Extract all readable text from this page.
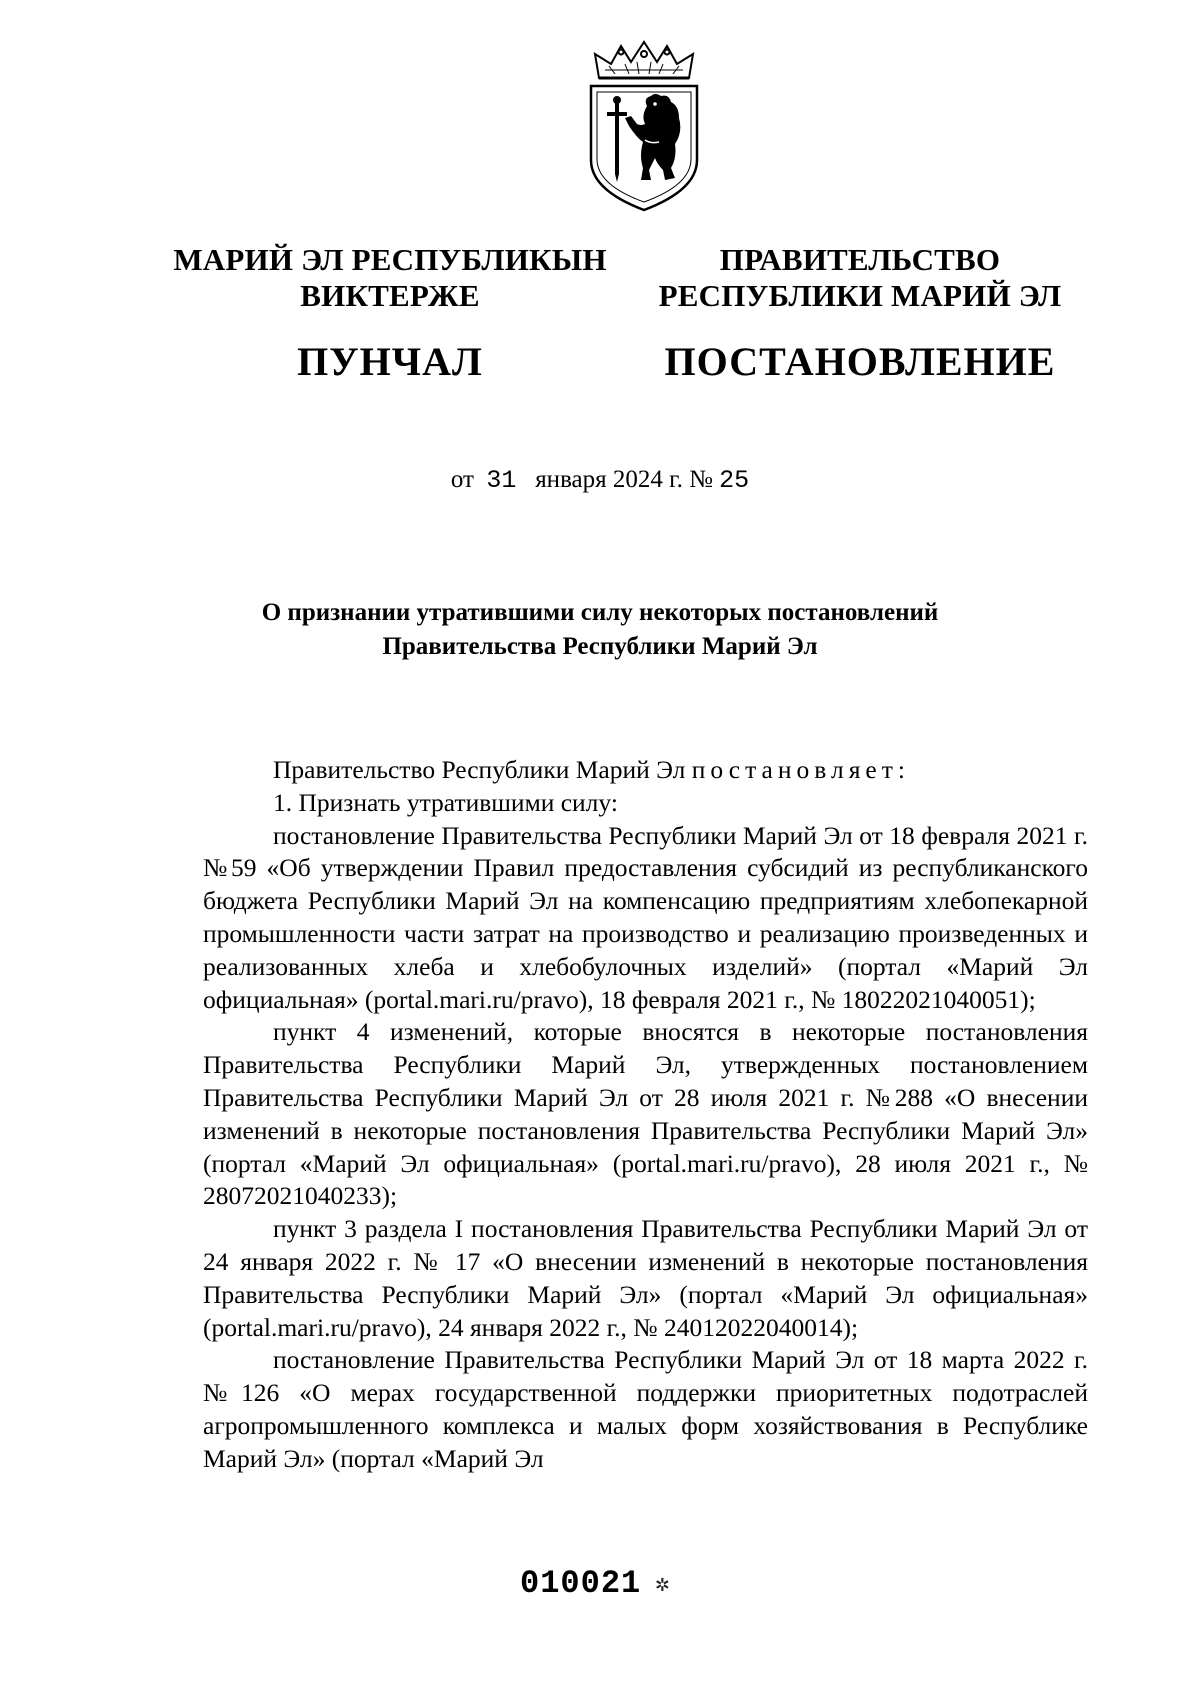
МАРИЙ ЭЛ РЕСПУБЛИКЫН
ВИКТЕРЖЕ
ПУНЧАЛ
ПРАВИТЕЛЬСТВО
РЕСПУБЛИКИ МАРИЙ ЭЛ
ПОСТАНОВЛЕНИЕ
от 31 января 2024 г. № 25
О признании утратившими силу некоторых постановлений
Правительства Республики Марий Эл

Правительство Республики Марий Эл постановляет:

1. Признать утратившими силу:

постановление Правительства Республики Марий Эл от 18 февраля 2021 г. №59 «Об утверждении Правил предоставления субсидий из республиканского бюджета Республики Марий Эл на компенсацию предприятиям хлебопекарной промышленности части затрат на производство и реализацию произведенных и реализованных хлеба и хлебобулочных изделий» (портал «Марий Эл официальная» (portal.mari.ru/pravo), 18 февраля 2021 г., № 18022021040051);

пункт 4 изменений, которые вносятся в некоторые постановления Правительства Республики Марий Эл, утвержденных постановлением Правительства Республики Марий Эл от 28 июля 2021 г. №288 «О внесении изменений в некоторые постановления Правительства Республики Марий Эл» (портал «Марий Эл официальная» (portal.mari.ru/pravo), 28 июля 2021 г., № 28072021040233);

пункт 3 раздела I постановления Правительства Республики Марий Эл от 24 января 2022 г. № 17 «О внесении изменений в некоторые постановления Правительства Республики Марий Эл» (портал «Марий Эл официальная» (portal.mari.ru/pravo), 24 января 2022 г., № 24012022040014);

постановление Правительства Республики Марий Эл от 18 марта 2022 г. №126 «О мерах государственной поддержки приоритетных подотраслей агропромышленного комплекса и малых форм хозяйствования в Республике Марий Эл» (портал «Марий Эл

010021 ✲
